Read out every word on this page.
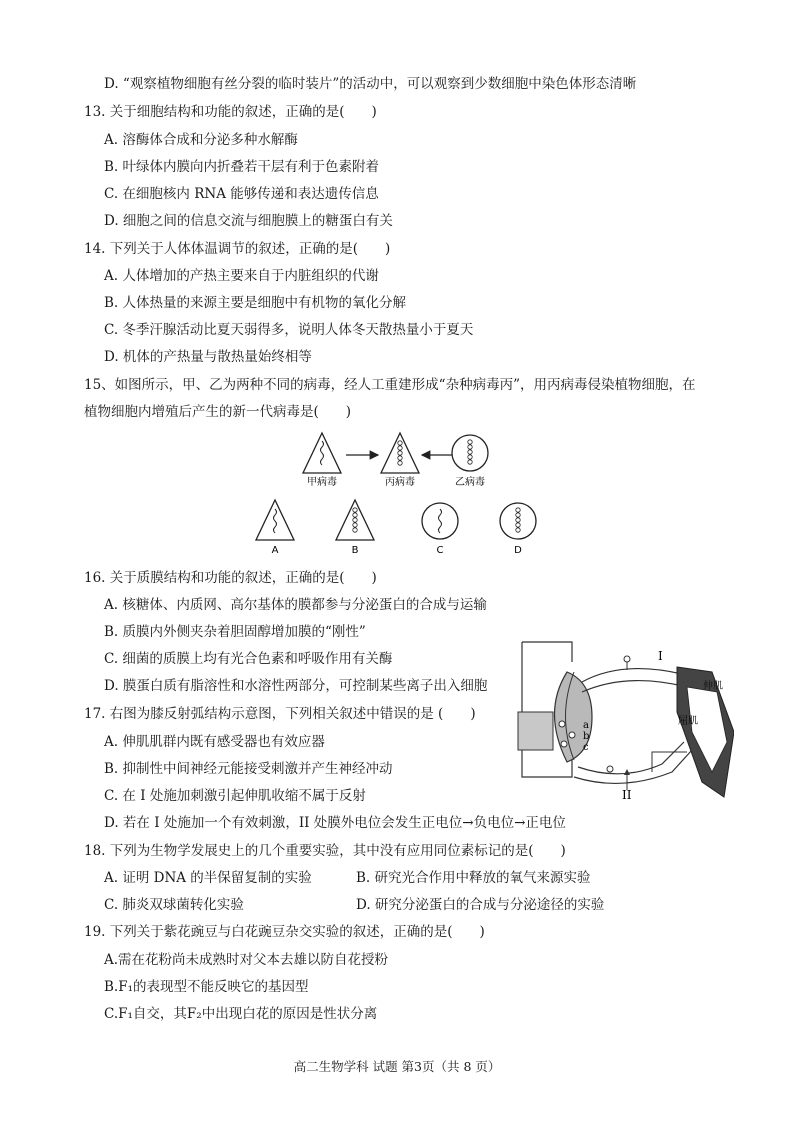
D. “观察植物细胞有丝分裂的临时装片”的活动中，可以观察到少数细胞中染色体形态清晰
13. 关于细胞结构和功能的叙述，正确的是(　　)
A. 溶酶体合成和分泌多种水解酶
B. 叶绿体内膜向内折叠若干层有利于色素附着
C. 在细胞核内 RNA 能够传递和表达遗传信息
D. 细胞之间的信息交流与细胞膜上的糖蛋白有关
14. 下列关于人体体温调节的叙述，正确的是(　　)
A. 人体增加的产热主要来自于内脏组织的代谢
B. 人体热量的来源主要是细胞中有机物的氧化分解
C. 冬季汗腺活动比夏天弱得多，说明人体冬天散热量小于夏天
D. 机体的产热量与散热量始终相等
15、如图所示，甲、乙为两种不同的病毒，经人工重建形成“杂种病毒丙”，用丙病毒侵染植物细胞，在
植物细胞内增殖后产生的新一代病毒是(　　)
甲病毒	丙病毒	乙病毒
A	B	C	D
16. 关于质膜结构和功能的叙述，正确的是(　　)
A. 核糖体、内质网、高尔基体的膜都参与分泌蛋白的合成与运输
B. 质膜内外侧夹杂着胆固醇增加膜的“刚性”
C. 细菌的质膜上均有光合色素和呼吸作用有关酶
D. 膜蛋白质有脂溶性和水溶性两部分，可控制某些离子出入细胞
a
b
c
I
伸肌
屈肌
II
17. 右图为膝反射弧结构示意图，下列相关叙述中错误的是 (　　)
A. 伸肌肌群内既有感受器也有效应器
B. 抑制性中间神经元能接受刺激并产生神经冲动
C. 在 I 处施加刺激引起伸肌收缩不属于反射
D. 若在 I 处施加一个有效刺激，II 处膜外电位会发生正电位→负电位→正电位
18. 下列为生物学发展史上的几个重要实验，其中没有应用同位素标记的是(　　)
A. 证明 DNA 的半保留复制的实验	B. 研究光合作用中释放的氧气来源实验
C. 肺炎双球菌转化实验	D. 研究分泌蛋白的合成与分泌途径的实验
19. 下列关于紫花豌豆与白花豌豆杂交实验的叙述，正确的是(　　)
A.需在花粉尚未成熟时对父本去雄以防自花授粉
B.F₁的表现型不能反映它的基因型
C.F₁自交，其F₂中出现白花的原因是性状分离
高二生物学科 试题 第3页（共 8 页）
